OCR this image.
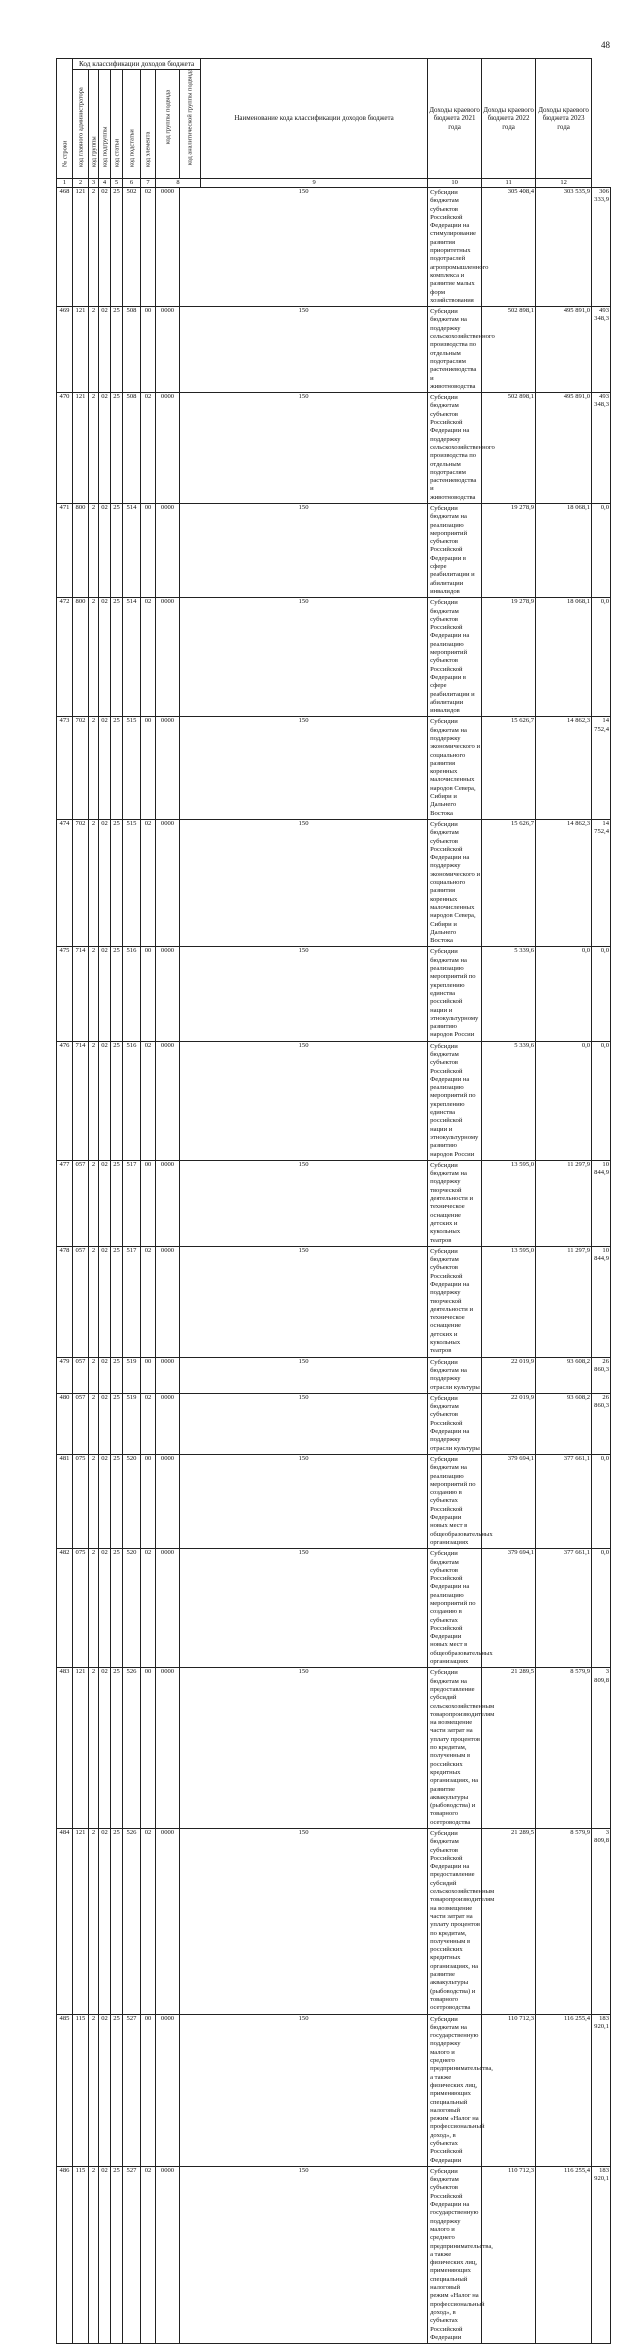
48
№ строки	Код классификации доходов бюджета								Наименование кода классификации доходов бюджета	Доходы краевого бюджета 2021 года	Доходы краевого бюджета 2022 года	Доходы краевого бюджета 2023 года	

	код главного администратора	код группы	код подгруппы	код статьи	код подстатьи	код элемента	код группы подвида	код аналитической группы подвида					

1	2	3	4	5	6	7	8		9	10	11	12	
468	121	2	02	25	502	02	0000	150		Субсидии бюджетам субъектов Российской Федерации на стимулирование развития приоритетных подотраслей агропромышленного комплекса и развитие малых форм хозяйствования	305 408,4	303 535,9	306 333,9
469	121	2	02	25	508	00	0000	150		Субсидии бюджетам на поддержку сельскохозяйственного производства по отдельным подотраслям растениеводства и животноводства	502 898,1	495 891,0	493 348,3
470	121	2	02	25	508	02	0000	150		Субсидии бюджетам субъектов Российской Федерации на поддержку сельскохозяйственного производства по отдельным подотраслям растениеводства и животноводства	502 898,1	495 891,0	493 348,3
471	800	2	02	25	514	00	0000	150		Субсидии бюджетам на реализацию мероприятий субъектов Российской Федерации в сфере реабилитации и абилитации инвалидов	19 278,9	18 068,1	0,0
472	800	2	02	25	514	02	0000	150		Субсидии бюджетам субъектов Российской Федерации на реализацию мероприятий субъектов Российской Федерации в сфере реабилитации и абилитации инвалидов	19 278,9	18 068,1	0,0
473	702	2	02	25	515	00	0000	150		Субсидии бюджетам на поддержку экономического и социального развития коренных малочисленных народов Севера, Сибири и Дальнего Востока	15 626,7	14 862,3	14 752,4
474	702	2	02	25	515	02	0000	150		Субсидии бюджетам субъектов Российской Федерации на поддержку экономического и социального развития коренных малочисленных народов Севера, Сибири и Дальнего Востока	15 626,7	14 862,3	14 752,4
475	714	2	02	25	516	00	0000	150		Субсидии бюджетам на реализацию мероприятий по укреплению единства российской нации и этнокультурному развитию народов России	5 339,6	0,0	0,0
476	714	2	02	25	516	02	0000	150		Субсидии бюджетам субъектов Российской Федерации на реализацию мероприятий по укреплению единства российской нации и этнокультурному развитию народов России	5 339,6	0,0	0,0
477	057	2	02	25	517	00	0000	150		Субсидии бюджетам на поддержку творческой деятельности и техническое оснащение детских и кукольных театров	13 595,0	11 297,9	10 844,9
478	057	2	02	25	517	02	0000	150		Субсидии бюджетам субъектов Российской Федерации на поддержку творческой деятельности и техническое оснащение детских и кукольных театров	13 595,0	11 297,9	10 844,9
479	057	2	02	25	519	00	0000	150		Субсидии бюджетам на поддержку отрасли культуры	22 019,9	93 608,2	26 860,3
480	057	2	02	25	519	02	0000	150		Субсидии бюджетам субъектов Российской Федерации на поддержку отрасли культуры	22 019,9	93 608,2	26 860,3
481	075	2	02	25	520	00	0000	150		Субсидии бюджетам на реализацию мероприятий по созданию в субъектах Российской Федерации новых мест в общеобразовательных организациях	379 694,1	377 661,1	0,0
482	075	2	02	25	520	02	0000	150		Субсидии бюджетам субъектов Российской Федерации на реализацию мероприятий по созданию в субъектах Российской Федерации новых мест в общеобразовательных организациях	379 694,1	377 661,1	0,0
483	121	2	02	25	526	00	0000	150		Субсидии бюджетам на предоставление субсидий сельскохозяйственным товаропроизводителям на возмещение части затрат на уплату процентов по кредитам, полученным в российских кредитных организациях, на развитие аквакультуры (рыбоводства) и товарного осетроводства	21 289,5	8 579,9	3 809,8
484	121	2	02	25	526	02	0000	150		Субсидии бюджетам субъектов Российской Федерации на предоставление субсидий сельскохозяйственным товаропроизводителям на возмещение части затрат на уплату процентов по кредитам, полученным в российских кредитных организациях, на развитие аквакультуры (рыбоводства) и товарного осетроводства	21 289,5	8 579,9	3 809,8
485	115	2	02	25	527	00	0000	150		Субсидии бюджетам на государственную поддержку малого и среднего предпринимательства, а также физических лиц, применяющих специальный налоговый режим «Налог на профессиональный доход», в субъектах Российской Федерации	110 712,3	116 255,4	183 920,1
486	115	2	02	25	527	02	0000	150		Субсидии бюджетам субъектов Российской Федерации на государственную поддержку малого и среднего предпринимательства, а также физических лиц, применяющих специальный налоговый режим «Налог на профессиональный доход», в субъектах Российской Федерации	110 712,3	116 255,4	183 920,1
